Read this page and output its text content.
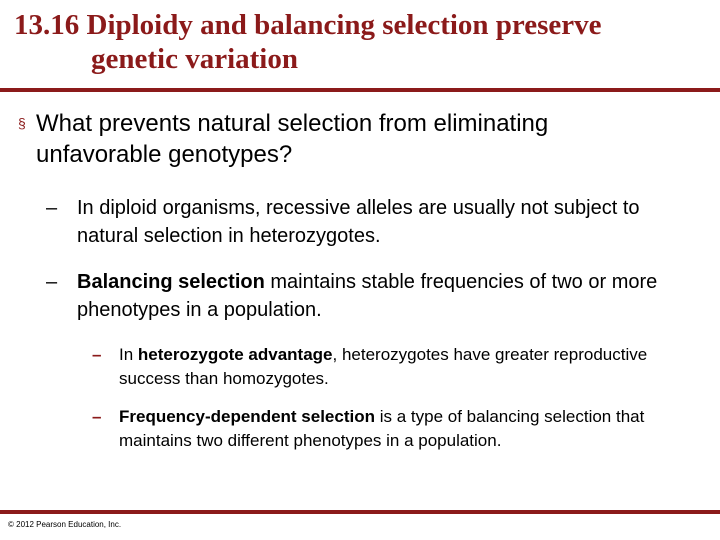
13.16 Diploidy and balancing selection preserve
genetic variation
§ What prevents natural selection from eliminating unfavorable genotypes?
– In diploid organisms, recessive alleles are usually not subject to natural selection in heterozygotes.
– Balancing selection maintains stable frequencies of two or more phenotypes in a population.
–	In heterozygote advantage, heterozygotes have greater reproductive success than homozygotes.
–	Frequency-dependent selection is a type of balancing selection that maintains two different phenotypes in a population.
© 2012 Pearson Education, Inc.
